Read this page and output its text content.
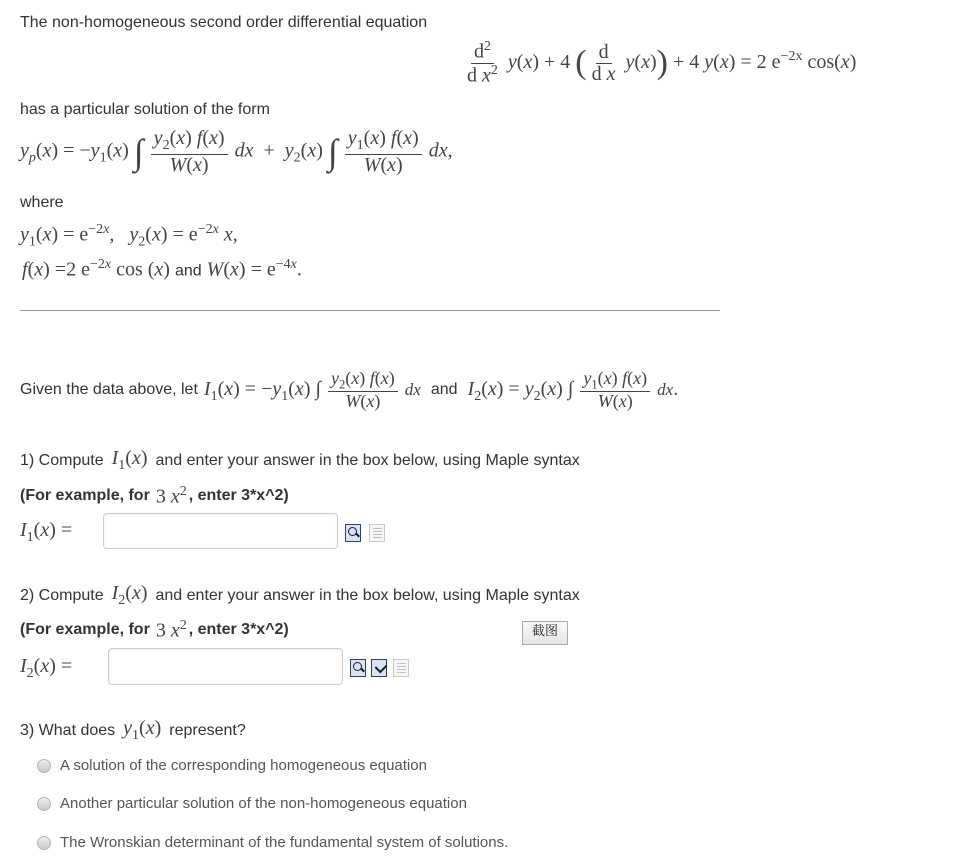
The non-homogeneous second order differential equation
$\frac{d^2}{d x^2} y(x) + 4$ ( $\frac{d}{\text{d x}} y(x)) + 4$ y(x) = 2 $e^{-2x}$ cos(x)
has a particular solution of the form
$y_p(x) = -y_1(x)$ ∫ $\frac{y_2(x) f(x)}{W(x)}$ dx  +  $y_2(x)$ ∫ $\frac{y_1(x) f(x)}{W(x)}$ dx,
where
$y_1(x) = e^{-2x}$,   $y_2(x) = e^{-2x}$ x,
f(x) =2 $e^{-2x}$ cos (x) and $W(x) = e^{-4x}$.
Given the data above, let $I_1(x) = -y_1(x)$ ∫ $\frac{y_2(x) f(x)}{W(x)}$ dx and $I_2(x) = y_2(x)$ ∫ $\frac{y_1(x) f(x)}{W(x)}$ dx.
1) Compute $I_1(x)$ and enter your answer in the box below, using Maple syntax
(For example, for 3 $x^2$ , enter 3*x^2)
$I_1(x)$ =
2) Compute $I_2(x)$ and enter your answer in the box below, using Maple syntax
(For example, for 3 $x^2$ , enter 3*x^2)	截图
$I_2(x)$ =
3) What does $y_1(x)$ represent?
A solution of the corresponding homogeneous equation
Another particular solution of the non-homogeneous equation
The Wronskian determinant of the fundamental system of solutions.
